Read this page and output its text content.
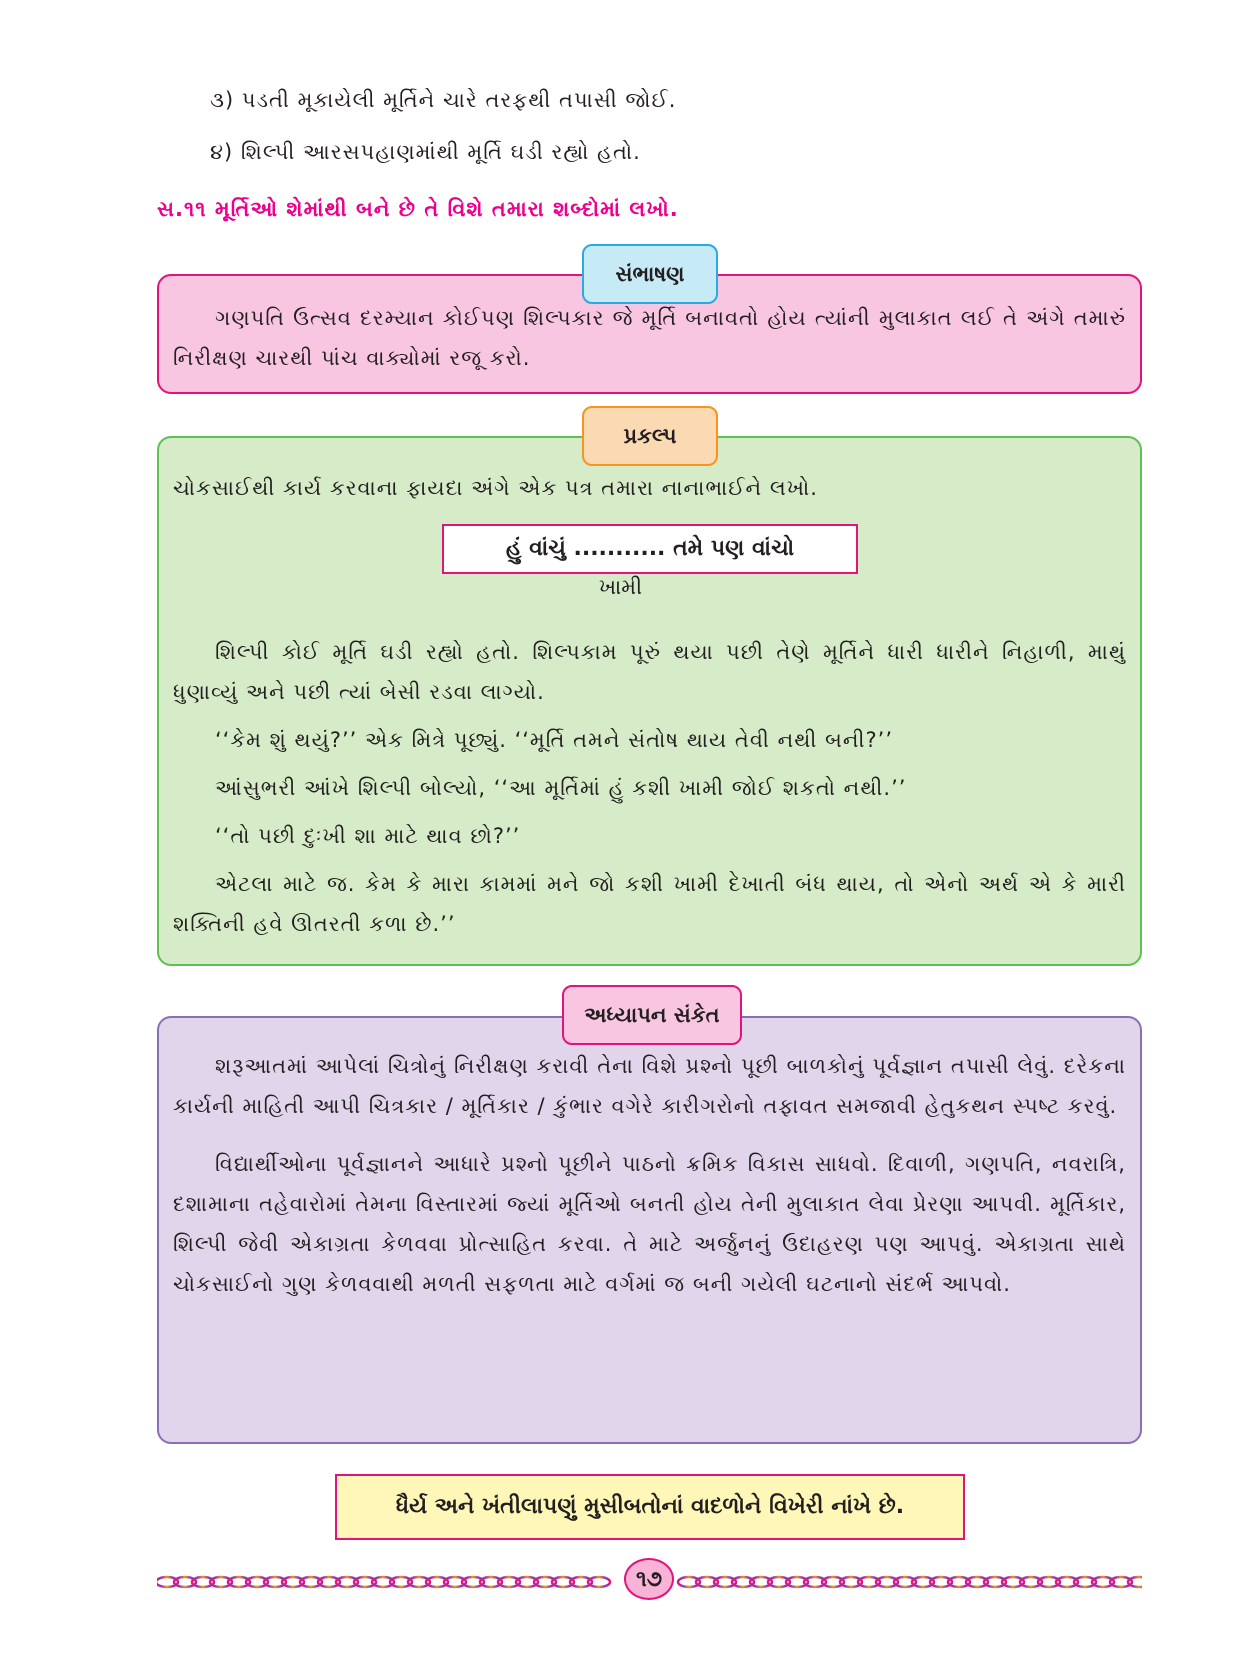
૩) પડતી મૂકાયેલી મૂર્તિને ચારે તરફથી તપાસી જોઈ.
૪) શિલ્પી આરસપહાણમાંથી મૂર્તિ ઘડી રહ્યો હતો.
સ.૧૧ મૂર્તિઓ શેમાંથી બને છે તે વિશે તમારા શબ્દોમાં લખો.

ગણપતિ ઉત્સવ દરમ્યાન કોઈપણ શિલ્પકાર જે મૂર્તિ બનાવતો હોય ત્યાંની મુલાકાત લઈ તે અંગે તમારું નિરીક્ષણ ચારથી પાંચ વાક્યોમાં રજૂ કરો.

સંભાષણ

ચોકસાઈથી કાર્ય કરવાના ફાયદા અંગે એક પત્ર તમારા નાનાભાઈને લખો.

શિલ્પી કોઈ મૂર્તિ ઘડી રહ્યો હતો. શિલ્પકામ પૂરું થયા પછી તેણે મૂર્તિને ધારી ધારીને નિહાળી, માથું ધુણાવ્યું અને પછી ત્યાં બેસી રડવા લાગ્યો.

‘‘કેમ શું થયું?’’ એક મિત્રે પૂછ્યું. ‘‘મૂર્તિ તમને સંતોષ થાય તેવી નથી બની?’’

આંસુભરી આંખે શિલ્પી બોલ્યો, ‘‘આ મૂર્તિમાં હું કશી ખામી જોઈ શકતો નથી.’’

‘‘તો પછી દુઃખી શા માટે થાવ છો?’’

એટલા માટે જ. કેમ કે મારા કામમાં મને જો કશી ખામી દેખાતી બંધ થાય, તો એનો અર્થ એ કે મારી શક્તિની હવે ઊતરતી કળા છે.’’

પ્રકલ્પ
હું વાંચું ........... તમે પણ વાંચો
ખામી

શરૂઆતમાં આપેલાં ચિત્રોનું નિરીક્ષણ કરાવી તેના વિશે પ્રશ્નો પૂછી બાળકોનું પૂર્વજ્ઞાન તપાસી લેવું. દરેકના કાર્યની માહિતી આપી ચિત્રકાર / મૂર્તિકાર / કુંભાર વગેરે કારીગરોનો તફાવત સમજાવી હેતુકથન સ્પષ્ટ કરવું.

વિદ્યાર્થીઓના પૂર્વજ્ઞાનને આધારે પ્રશ્નો પૂછીને પાઠનો ક્રમિક વિકાસ સાધવો. દિવાળી, ગણપતિ, નવરાત્રિ, દશામાના તહેવારોમાં તેમના વિસ્તારમાં જ્યાં મૂર્તિઓ બનતી હોય તેની મુલાકાત લેવા પ્રેરણા આપવી. મૂર્તિકાર, શિલ્પી જેવી એકાગ્રતા કેળવવા પ્રોત્સાહિત કરવા. તે માટે અર્જુનનું ઉદાહરણ પણ આપવું. એકાગ્રતા સાથે ચોકસાઈનો ગુણ કેળવવાથી મળતી સફળતા માટે વર્ગમાં જ બની ગયેલી ઘટનાનો સંદર્ભ આપવો.

અધ્યાપન સંકેત
ધૈર્ય અને ખંતીલાપણું મુસીબતોનાં વાદળોને વિખેરી નાંખે છે.
૧૭
